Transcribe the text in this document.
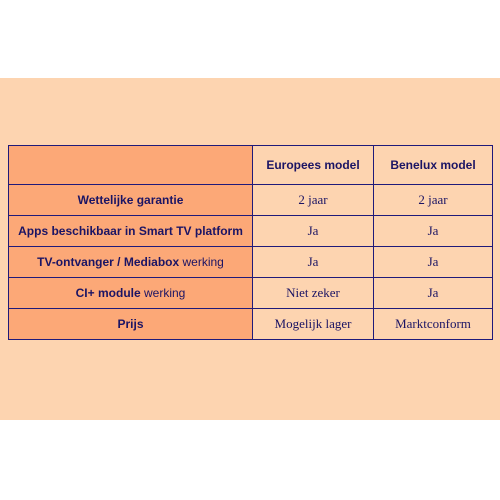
	Europees model	Benelux model
Wettelijke garantie	2 jaar	2 jaar
Apps beschikbaar in Smart TV platform	Ja	Ja
TV-ontvanger / Mediabox werking	Ja	Ja
CI+ module werking	Niet zeker	Ja
Prijs	Mogelijk lager	Marktconform
